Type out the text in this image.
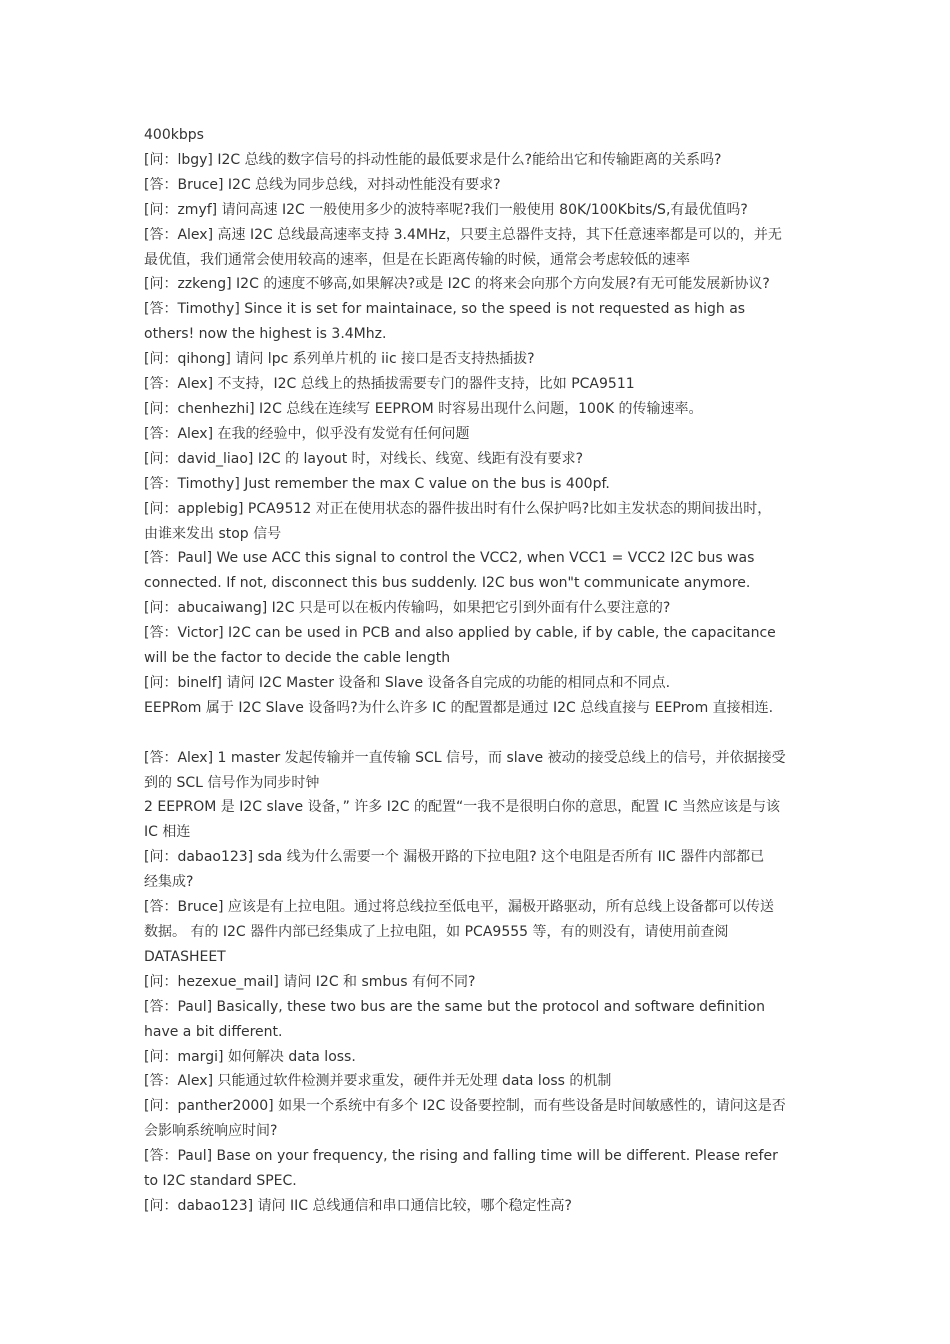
400kbps
[问：lbgy] I2C 总线的数字信号的抖动性能的最低要求是什么?能给出它和传输距离的关系吗?
[答：Bruce] I2C 总线为同步总线，对抖动性能没有要求?
[问：zmyf] 请问高速 I2C 一般使用多少的波特率呢?我们一般使用 80K/100Kbits/S,有最优值吗?
[答：Alex] 高速 I2C 总线最高速率支持 3.4MHz，只要主总器件支持，其下任意速率都是可以的，并无
最优值，我们通常会使用较高的速率，但是在长距离传输的时候，通常会考虑较低的速率
[问：zzkeng] I2C 的速度不够高,如果解决?或是 I2C 的将来会向那个方向发展?有无可能发展新协议?
[答：Timothy] Since it is set for maintainace, so the speed is not requested as high as
others! now the highest is 3.4Mhz.
[问：qihong] 请问 lpc 系列单片机的 iic 接口是否支持热插拔?
[答：Alex] 不支持，I2C 总线上的热插拔需要专门的器件支持，比如 PCA9511
[问：chenhezhi] I2C 总线在连续写 EEPROM 时容易出现什么问题，100K 的传输速率。
[答：Alex] 在我的经验中，似乎没有发觉有任何问题
[问：david_liao] I2C 的 layout 时，对线长、线宽、线距有没有要求?
[答：Timothy] Just remember the max C value on the bus is 400pf.
[问：applebig] PCA9512 对正在使用状态的器件拔出时有什么保护吗?比如主发状态的期间拔出时，
由谁来发出 stop 信号
[答：Paul] We use ACC this signal to control the VCC2, when VCC1 = VCC2 I2C bus was
connected. If not, disconnect this bus suddenly. I2C bus won"t communicate anymore.
[问：abucaiwang] I2C 只是可以在板内传输吗，如果把它引到外面有什么要注意的?
[答：Victor] I2C can be used in PCB and also applied by cable, if by cable, the capacitance
will be the factor to decide the cable length
[问：binelf] 请问 I2C Master 设备和 Slave 设备各自完成的功能的相同点和不同点.
EEPRom 属于 I2C Slave 设备吗?为什么许多 IC 的配置都是通过 I2C 总线直接与 EEProm 直接相连.
[答：Alex] 1 master 发起传输并一直传输 SCL 信号，而 slave 被动的接受总线上的信号，并依据接受
到的 SCL 信号作为同步时钟
2 EEPROM 是 I2C slave 设备，” 许多 I2C 的配置“一我不是很明白你的意思，配置 IC 当然应该是与该
IC 相连
[问：dabao123] sda 线为什么需要一个 漏极开路的下拉电阻? 这个电阻是否所有 IIC 器件内部都已
经集成?
[答：Bruce] 应该是有上拉电阻。通过将总线拉至低电平，漏极开路驱动，所有总线上设备都可以传送
数据。 有的 I2C 器件内部已经集成了上拉电阻，如 PCA9555 等，有的则没有，请使用前查阅
DATASHEET
[问：hezexue_mail] 请问 I2C 和 smbus 有何不同?
[答：Paul] Basically, these two bus are the same but the protocol and software definition
have a bit different.
[问：margi] 如何解决 data loss.
[答：Alex] 只能通过软件检测并要求重发，硬件并无处理 data loss 的机制
[问：panther2000] 如果一个系统中有多个 I2C 设备要控制，而有些设备是时间敏感性的，请问这是否
会影响系统响应时间?
[答：Paul] Base on your frequency, the rising and falling time will be different. Please refer
to I2C standard SPEC.
[问：dabao123] 请问 IIC 总线通信和串口通信比较，哪个稳定性高?
